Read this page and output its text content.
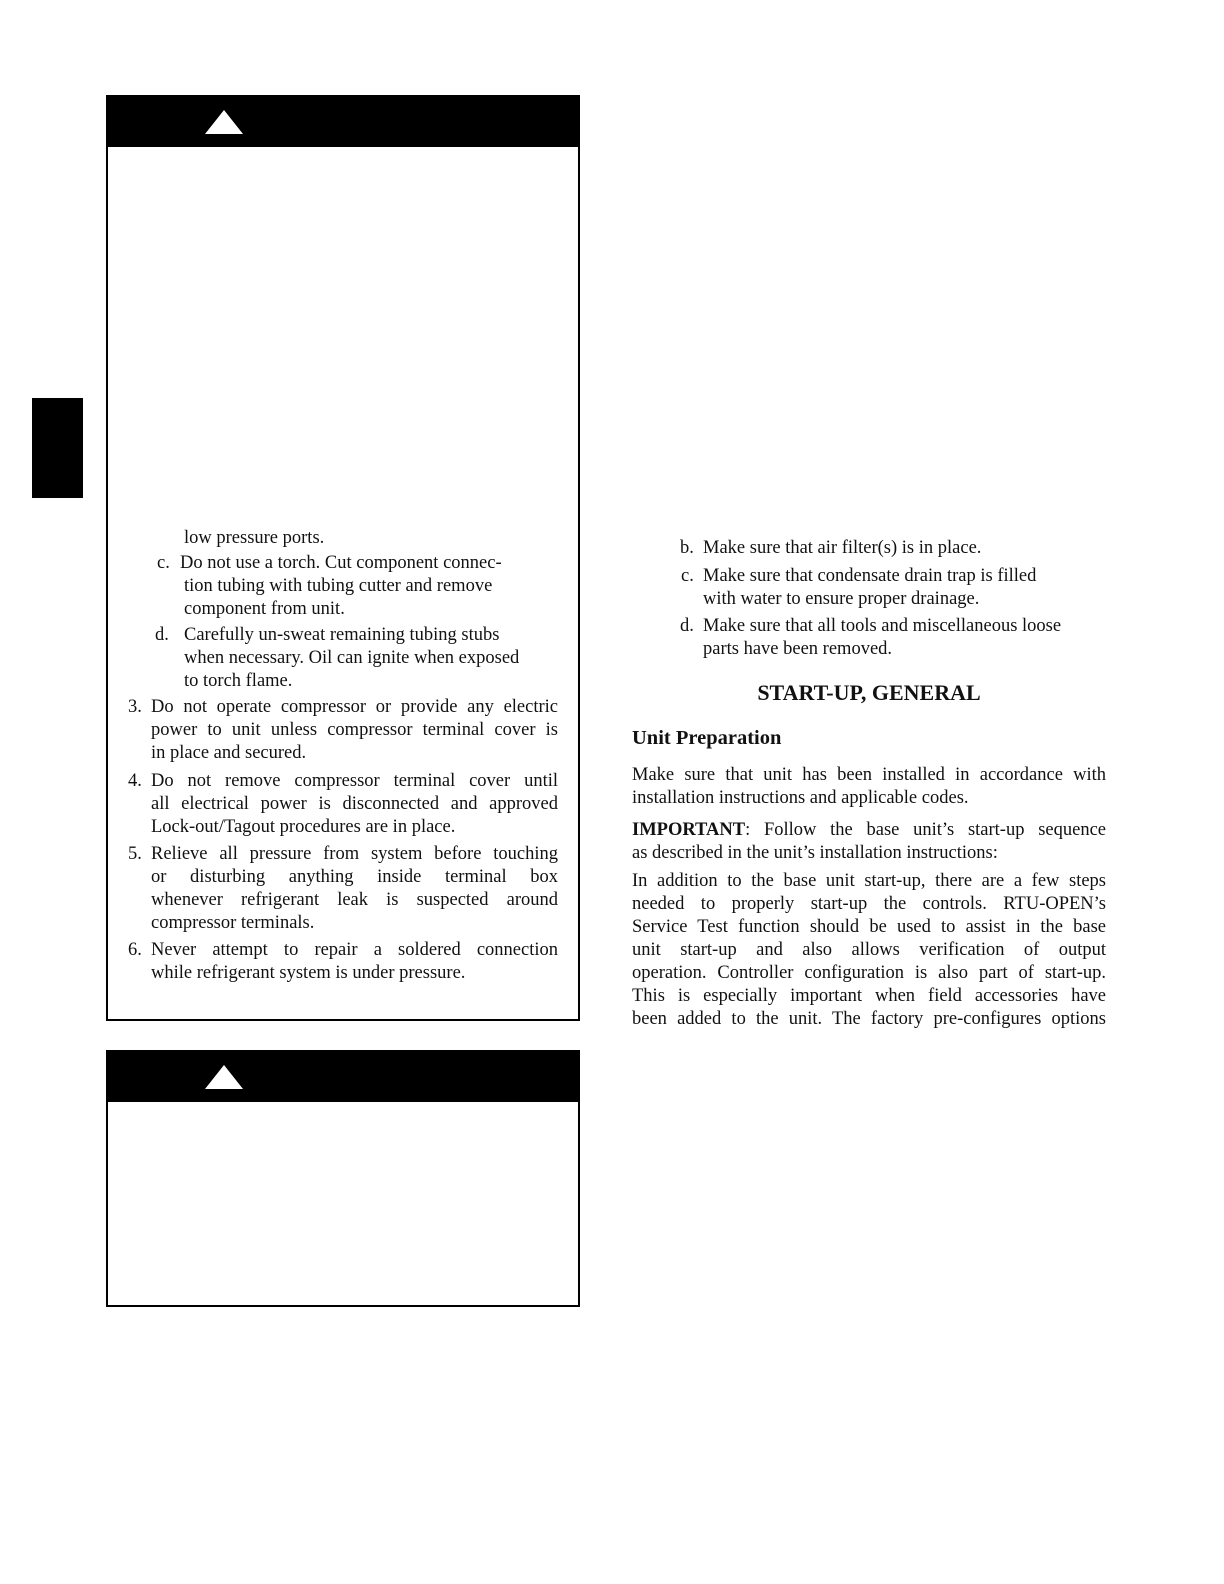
low pressure ports.
c. Do not use a torch. Cut component connec-
tion tubing with tubing cutter and remove
component from unit.
d. Carefully un-sweat remaining tubing stubs
when necessary. Oil can ignite when exposed
to torch flame.
3. Do not operate compressor or provide any electric
power to unit unless compressor terminal cover is
in place and secured.
4. Do not remove compressor terminal cover until
all electrical power is disconnected and approved
Lock-out/Tagout procedures are in place.
5. Relieve all pressure from system before touching
or disturbing anything inside terminal box
whenever refrigerant leak is suspected around
compressor terminals.
6. Never attempt to repair a soldered connection
while refrigerant system is under pressure.
b. Make sure that air filter(s) is in place.
c. Make sure that condensate drain trap is filled
with water to ensure proper drainage.
d. Make sure that all tools and miscellaneous loose
parts have been removed.
START-UP, GENERAL
Unit Preparation
Make sure that unit has been installed in accordance with
installation instructions and applicable codes.
IMPORTANT: Follow the base unit’s start-up sequence
as described in the unit’s installation instructions:
In addition to the base unit start-up, there are a few steps
needed to properly start-up the controls. RTU-OPEN’s
Service Test function should be used to assist in the base
unit start-up and also allows verification of output
operation. Controller configuration is also part of start-up.
This is especially important when field accessories have
been added to the unit. The factory pre-configures options
